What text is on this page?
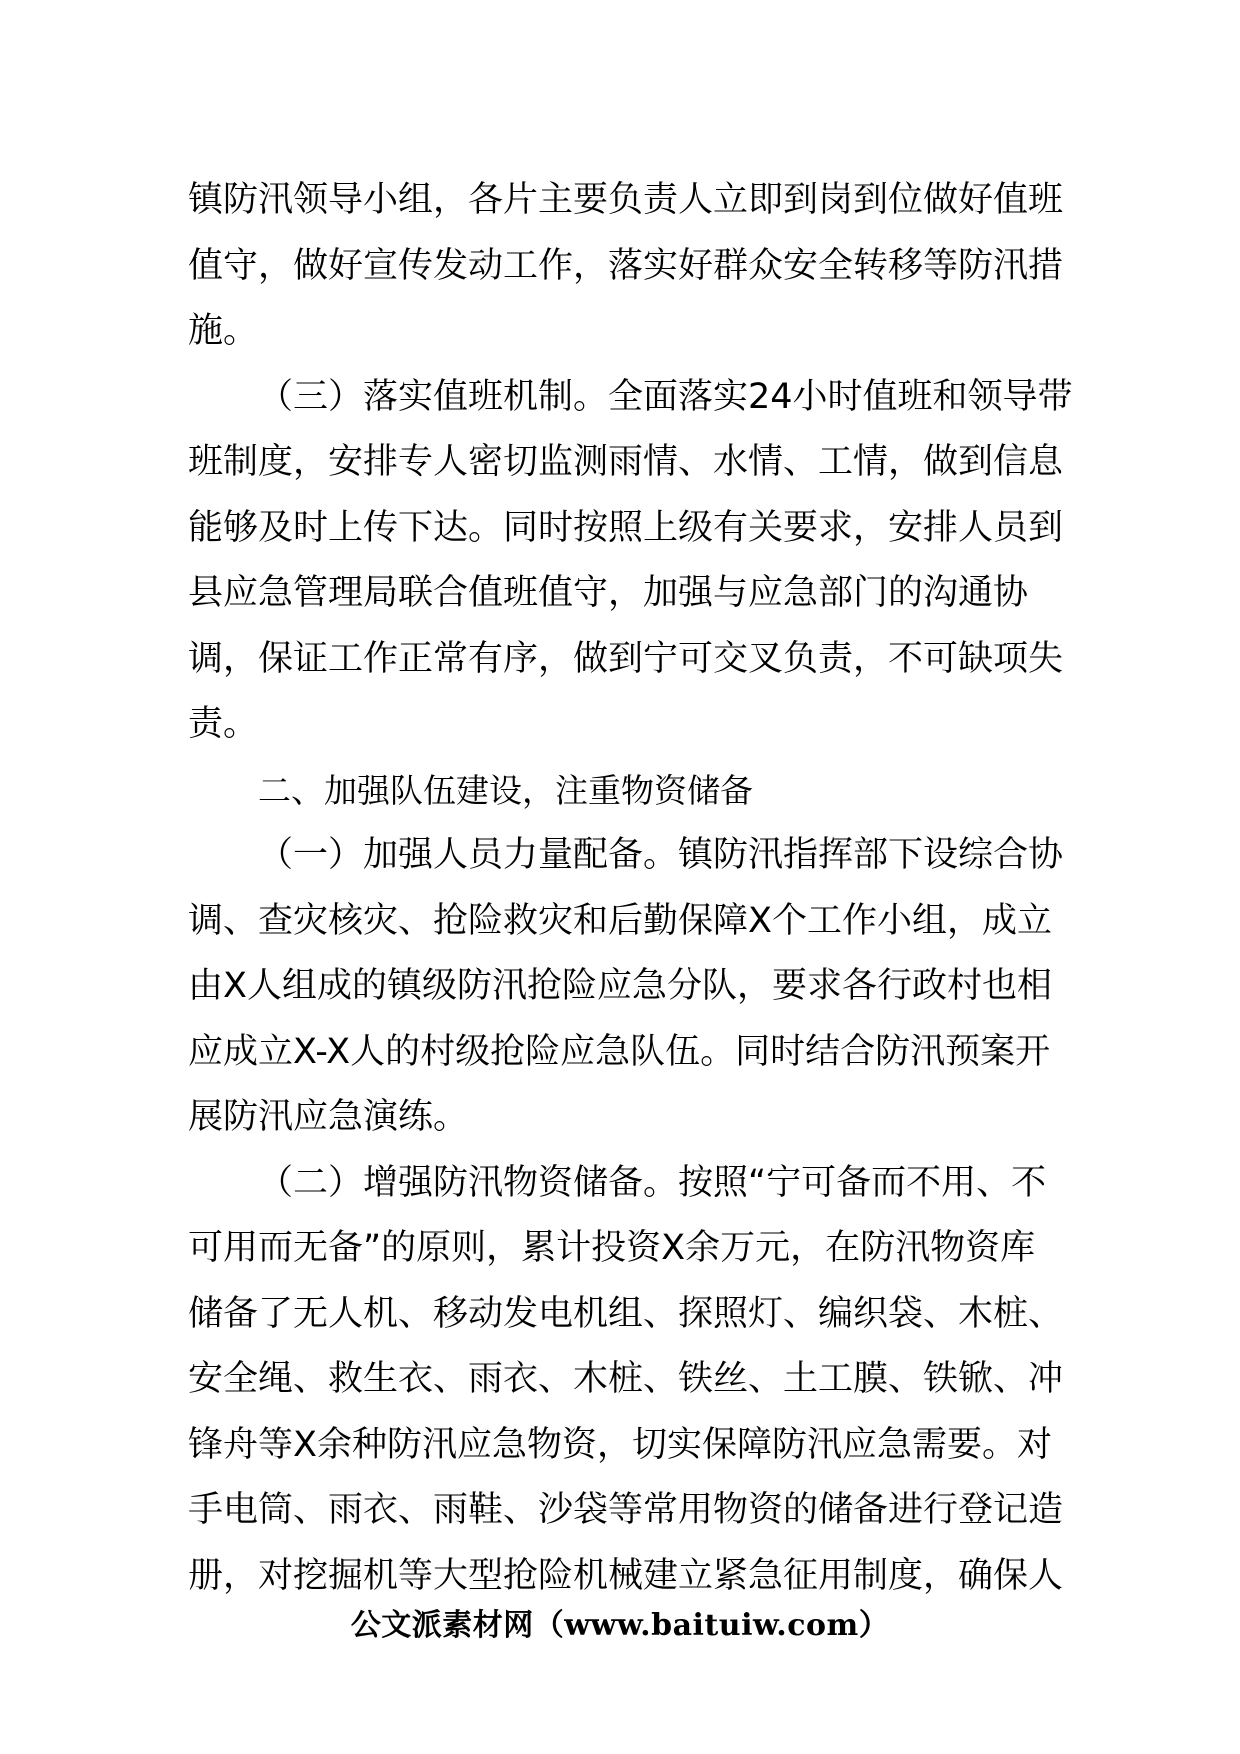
镇防汛领导小组，各片主要负责人立即到岗到位做好值班
值守，做好宣传发动工作，落实好群众安全转移等防汛措
施。
（三）落实值班机制。全面落实24小时值班和领导带
班制度，安排专人密切监测雨情、水情、工情，做到信息
能够及时上传下达。同时按照上级有关要求，安排人员到
县应急管理局联合值班值守，加强与应急部门的沟通协
调，保证工作正常有序，做到宁可交叉负责，不可缺项失
责。
二、加强队伍建设，注重物资储备
（一）加强人员力量配备。镇防汛指挥部下设综合协
调、查灾核灾、抢险救灾和后勤保障X个工作小组，成立
由X人组成的镇级防汛抢险应急分队，要求各行政村也相
应成立X-X人的村级抢险应急队伍。同时结合防汛预案开
展防汛应急演练。
（二）增强防汛物资储备。按照“宁可备而不用、不
可用而无备”的原则，累计投资X余万元，在防汛物资库
储备了无人机、移动发电机组、探照灯、编织袋、木桩、
安全绳、救生衣、雨衣、木桩、铁丝、土工膜、铁锨、冲
锋舟等X余种防汛应急物资，切实保障防汛应急需要。对
手电筒、雨衣、雨鞋、沙袋等常用物资的储备进行登记造
册，对挖掘机等大型抢险机械建立紧急征用制度，确保人
公文派素材网（www.baituiw.com）
